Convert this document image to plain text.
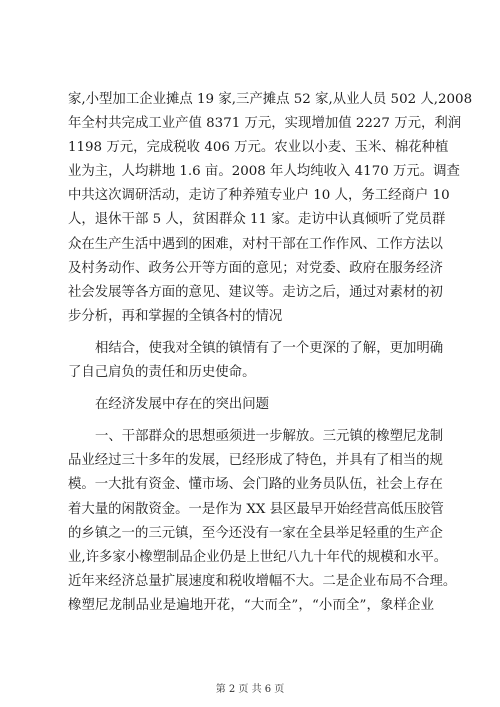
家,小型加工企业摊点 19 家,三产摊点 52 家,从业人员 502 人,2008
年全村共完成工业产值 8371 万元，实现增加值 2227 万元，利润
1198 万元，完成税收 406 万元。农业以小麦、玉米、棉花种植
业为主，人均耕地 1.6 亩。2008 年人均纯收入 4170 万元。调查
中共这次调研活动，走访了种养殖专业户 10 人，务工经商户 10
人，退休干部 5 人，贫困群众 11 家。走访中认真倾听了党员群
众在生产生活中遇到的困难，对村干部在工作作风、工作方法以
及村务动作、政务公开等方面的意见；对党委、政府在服务经济
社会发展等各方面的意见、建议等。走访之后，通过对素材的初
步分析，再和掌握的全镇各村的情况
相结合，使我对全镇的镇情有了一个更深的了解，更加明确
了自己肩负的责任和历史使命。
在经济发展中存在的突出问题
一、干部群众的思想亟须进一步解放。三元镇的橡塑尼龙制
品业经过三十多年的发展，已经形成了特色，并具有了相当的规
模。一大批有资金、懂市场、会门路的业务员队伍，社会上存在
着大量的闲散资金。一是作为 XX 县区最早开始经营高低压胶管
的乡镇之一的三元镇，至今还没有一家在全县举足轻重的生产企
业,许多家小橡塑制品企业仍是上世纪八九十年代的规模和水平。
近年来经济总量扩展速度和税收增幅不大。二是企业布局不合理。
橡塑尼龙制品业是遍地开花，“大而全”，“小而全”，象样企业
第 2 页 共 6 页
